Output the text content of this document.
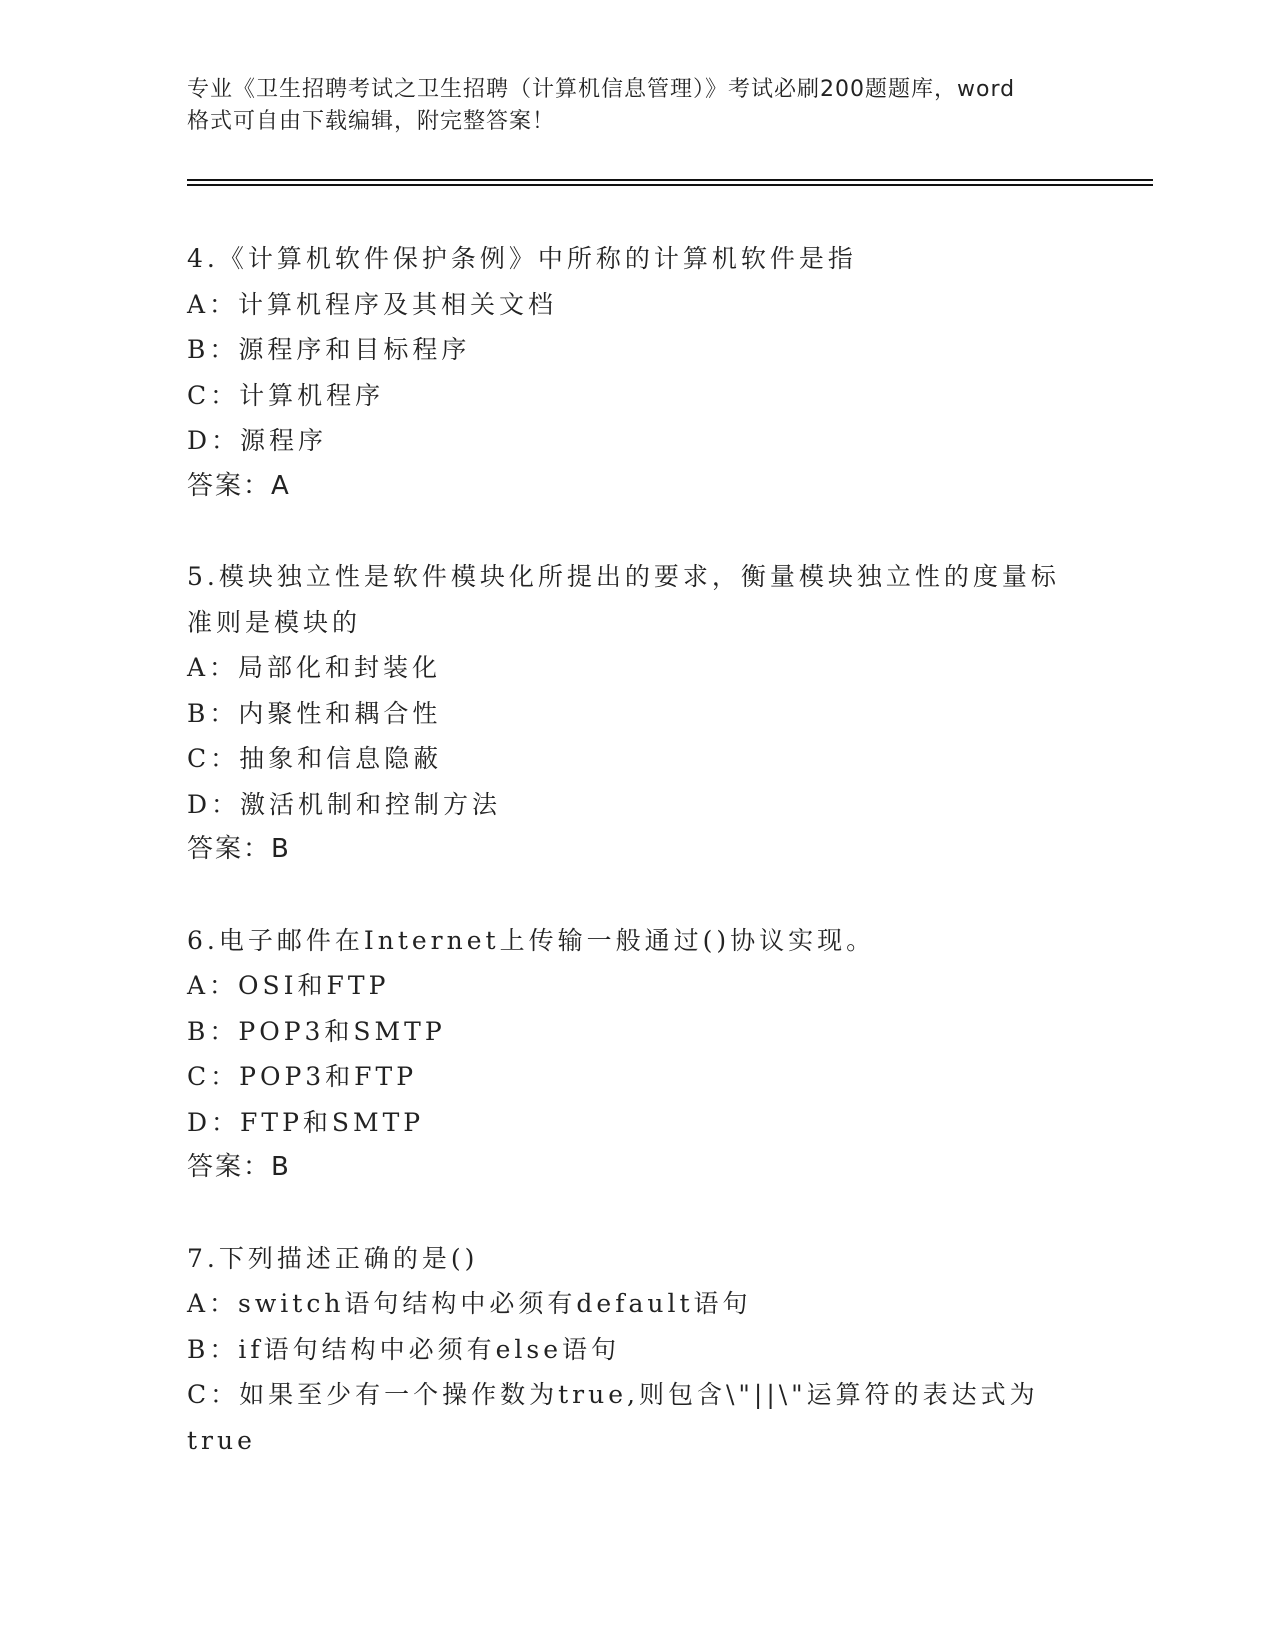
专业《卫生招聘考试之卫生招聘（计算机信息管理）》考试必刷200题题库，word
格式可自由下载编辑，附完整答案！
4.《计算机软件保护条例》中所称的计算机软件是指
A：计算机程序及其相关文档
B：源程序和目标程序
C：计算机程序
D：源程序
答案：A
5.模块独立性是软件模块化所提出的要求，衡量模块独立性的度量标
准则是模块的
A：局部化和封装化
B：内聚性和耦合性
C：抽象和信息隐蔽
D：激活机制和控制方法
答案：B
6.电子邮件在Internet上传输一般通过()协议实现。
A：OSI和FTP
B：POP3和SMTP
C：POP3和FTP
D：FTP和SMTP
答案：B
7.下列描述正确的是()
A：switch语句结构中必须有default语句
B：if语句结构中必须有else语句
C：如果至少有一个操作数为true,则包含\"||\"运算符的表达式为
true
